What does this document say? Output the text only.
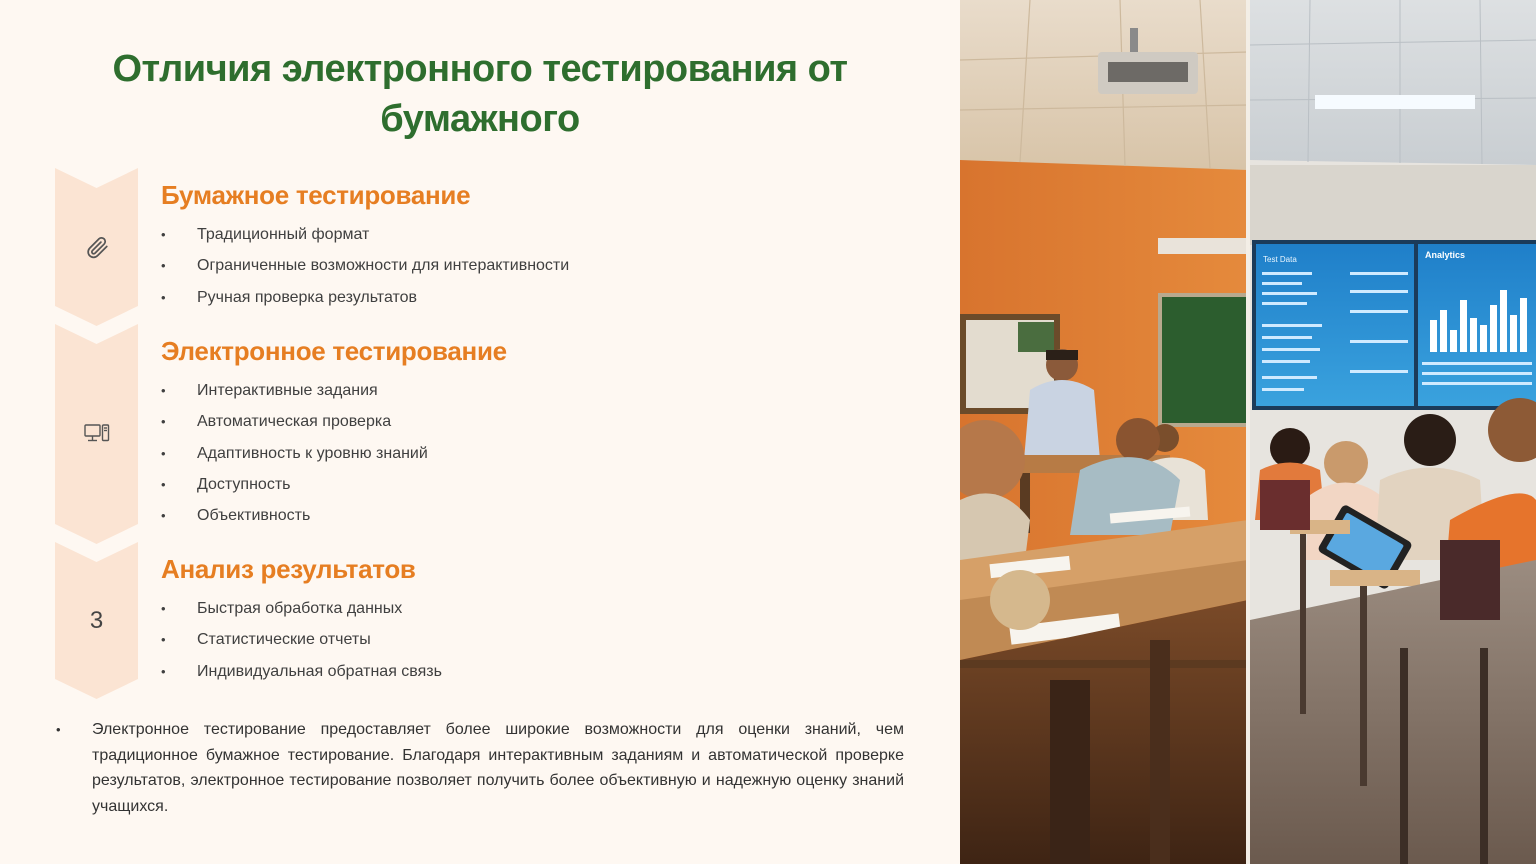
Отличия электронного тестирования от бумажного
Бумажное тестирование
• Традиционный формат
• Ограниченные возможности для интерактивности
• Ручная проверка результатов
Электронное тестирование
• Интерактивные задания
• Автоматическая проверка
• Адаптивность к уровню знаний
• Доступность
• Объективность
3
Анализ результатов
• Быстрая обработка данных
• Статистические отчеты
• Индивидуальная обратная связь

• Электронное тестирование предоставляет более широкие возможности для оценки знаний, чем традиционное бумажное тестирование. Благодаря интерактивным заданиям и автоматической проверке результатов, электронное тестирование позволяет получить более объективную и надежную оценку знаний учащихся.

Test Data	Analytics
